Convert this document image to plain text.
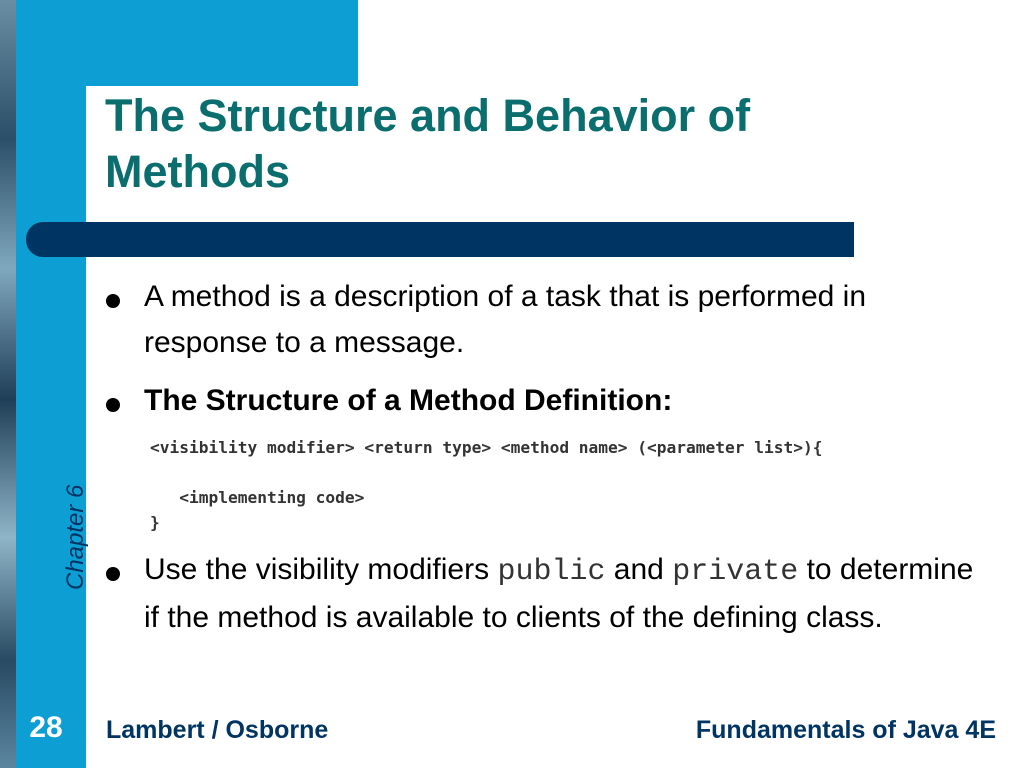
The Structure and Behavior of Methods
Chapter 6
A method is a description of a task that is performed in response to a message.
The Structure of a Method Definition:
<visibility modifier> <return type> <method name> (<parameter list>){
<implementing code>
}
Use the visibility modifiers public and private to determine if the method is available to clients of the defining class.
28	Lambert / Osborne	Fundamentals of Java 4E
